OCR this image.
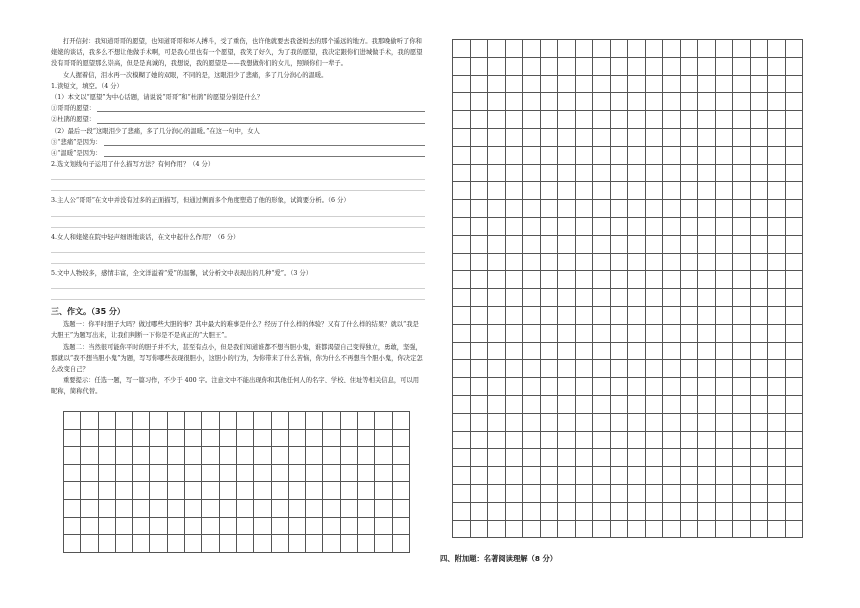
打开信封：我知道哥哥的愿望，也知道哥哥和坏人搏斗，受了重伤，也许他就要去我爸妈去的那个遥远的地方。我那晚偷听了你和姥姥的谈话，我多么不想让他做手术啊，可是我心里也有一个愿望，我笑了好久，为了我的愿望，我决定跟你们进城做手术，我的愿望没有哥哥的愿望那么崇高，但是是真诚的，我想说，我的愿望是——我想做你们的女儿，照顾你们一辈子。

女人握着信，泪水再一次模糊了她的双眼，不同的是，这眼泪少了悲痛，多了几分润心的温暖。

1.读短文，填空。（4 分）

（1）本文以“愿望”为中心话题，请说说“哥哥”和“杜鹃”的愿望分别是什么？

①哥哥的愿望：
②杜鹃的愿望：

（2）最后一段“这眼泪少了悲痛，多了几分润心的温暖。”在这一句中，女人

③“悲痛”是因为：
④“温暖”是因为：

2.选文划线句子运用了什么描写方法？有何作用？（4 分）

3.主人公“哥哥”在文中并没有过多的正面描写，但通过侧面多个角度塑造了他的形象，试简要分析。（6 分）

4.女人和姥姥在院中轻声细语地谈话，在文中起什么作用？（6 分）

5.文中人物较多，感情丰富，全文洋溢着“爱”的温馨，试分析文中表现出的几种“爱”。（3 分）

三、作文。（35 分）

选题一：你平时胆子大吗？做过哪些大胆的事？其中最大的难事是什么？经历了什么样的体验？又有了什么样的结果？就以“我是大胆王”为题写出来，让我们判断一下你是不是真正的“大胆王”。

选题二：当然很可能你平时的胆子并不大，甚至有点小，但是我们知道谁都不想当胆小鬼，谁都渴望自己变得独立，勇敢，坚强，那就以“我不想当胆小鬼”为题，写写你哪些表现很胆小，这胆小的行为，为你带来了什么苦恼，你为什么不再想当个胆小鬼，你决定怎么改变自己？

重要提示：任选一题，写一篇习作，不少于 400 字。注意文中不能出现你和其他任何人的名字、学校、住址等相关信息，可以用昵称，简称代替。

四、附加题：名著阅读理解（8 分）
